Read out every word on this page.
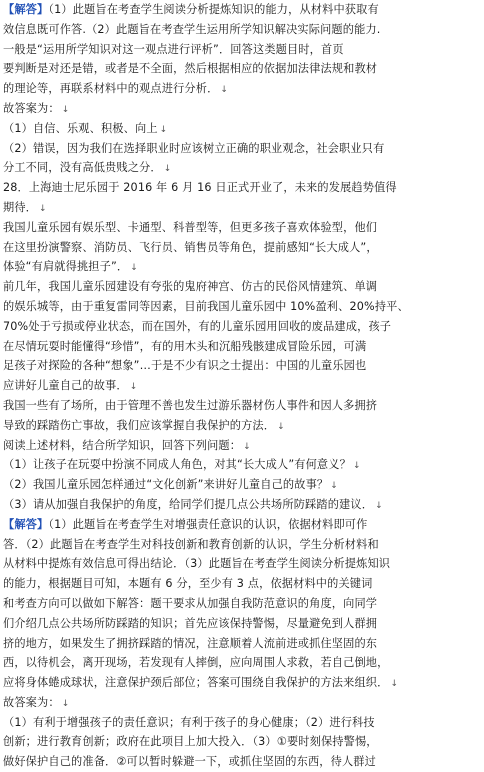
【解答】（1）此题旨在考查学生阅读分析提炼知识的能力，从材料中获取有
效信息既可作答.（2）此题旨在考查学生运用所学知识解决实际问题的能力.
一般是“运用所学知识对这一观点进行评析”．回答这类题目时，首页
要判断是对还是错，或者是不全面，然后根据相应的依据加法律法规和教材
的理论等，再联系材料中的观点进行分析． ↓
故答案为： ↓
（1）自信、乐观、积极、向上 ↓
（2）错误，因为我们在选择职业时应该树立正确的职业观念，社会职业只有
分工不同，没有高低贵贱之分． ↓
28．上海迪士尼乐园于 2016 年 6 月 16 日正式开业了，未来的发展趋势值得
期待． ↓
我国儿童乐园有娱乐型、卡通型、科普型等，但更多孩子喜欢体验型，他们
在这里扮演警察、消防员、飞行员、销售员等角色，提前感知“长大成人”，
体验“有肩就得挑担子”． ↓
前几年，我国儿童乐园建设有夸张的鬼府神宫、仿古的民俗风情建筑、单调
的娱乐城等，由于重复雷同等因素，目前我国儿童乐园中 10%盈利、20%持平、
70%处于亏损或停业状态，而在国外，有的儿童乐园用回收的废品建成，孩子
在尽情玩耍时能懂得“珍惜”，有的用木头和沉船残骸建成冒险乐园，可满
足孩子对探险的各种“想象”…于是不少有识之士提出：中国的儿童乐园也
应讲好儿童自己的故事． ↓
我国一些有了场所，由于管理不善也发生过游乐器材伤人事件和因人多拥挤
导致的踩踏伤亡事故，我们应该掌握自我保护的方法． ↓
阅读上述材料，结合所学知识，回答下列问题： ↓
（1）让孩子在玩耍中扮演不同成人角色，对其“长大成人”有何意义？ ↓
（2）我国儿童乐园怎样通过“文化创新”来讲好儿童自己的故事？ ↓
（3）请从加强自我保护的角度，给同学们提几点公共场所防踩踏的建议． ↓
【解答】（1）此题旨在考查学生对增强责任意识的认识，依据材料即可作
答．（2）此题旨在考查学生对科技创新和教育创新的认识，学生分析材料和
从材料中提炼有效信息可得出结论．（3）此题旨在考查学生阅读分析提炼知识
的能力，根据题目可知，本题有 6 分，至少有 3 点，依据材料中的关键词
和考查方向可以做如下解答：题干要求从加强自我防范意识的角度，向同学
们介绍几点公共场所防踩踏的知识；首先应该保持警惕，尽量避免到人群拥
挤的地方，如果发生了拥挤踩踏的情况，注意顺着人流前进或抓住坚固的东
西，以待机会，离开现场，若发现有人摔倒，应向周围人求救，若自己倒地，
应将身体蜷成球状，注意保护颈后部位；答案可围绕自我保护的方法来组织． ↓
故答案为： ↓
（1）有利于增强孩子的责任意识；有利于孩子的身心健康；（2）进行科技
创新；进行教育创新；政府在此项目上加大投入．（3）①要时刻保持警惕，
做好保护自己的准备．②可以暂时躲避一下，或抓住坚固的东西，待人群过
